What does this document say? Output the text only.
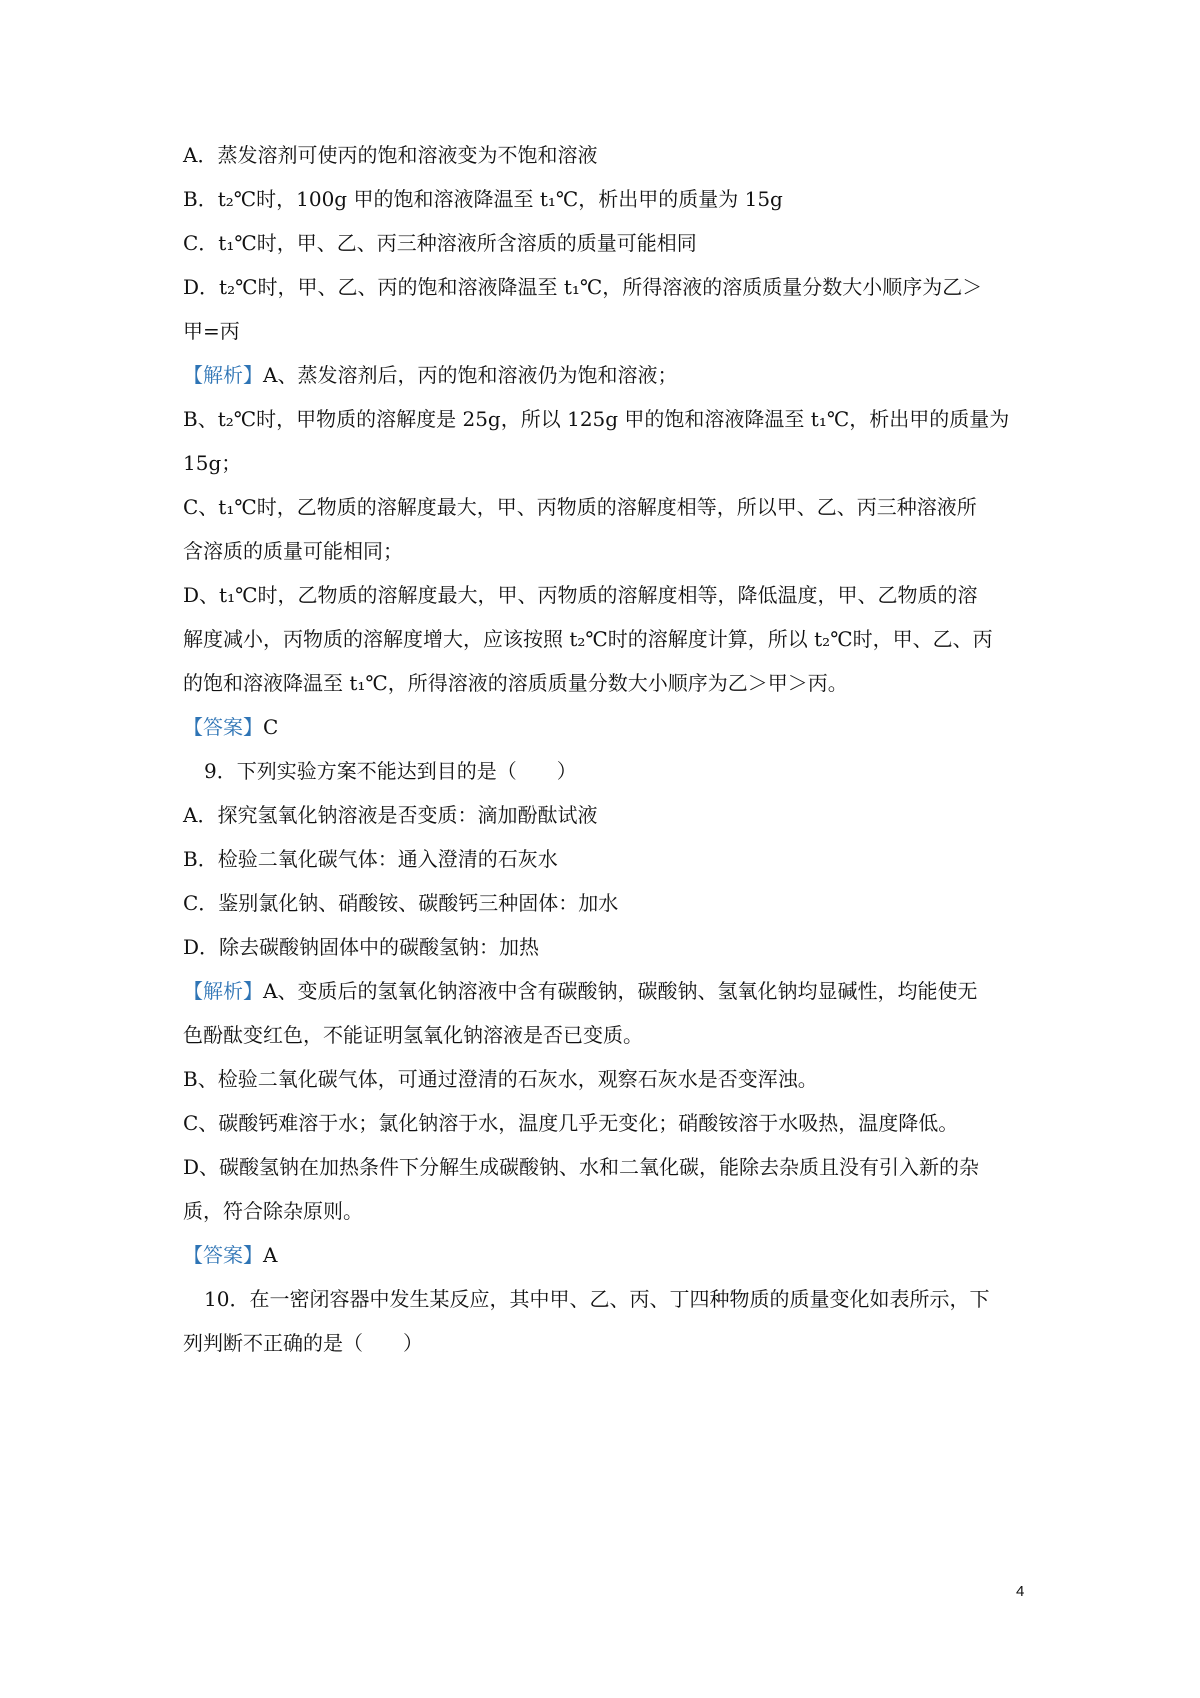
A．蒸发溶剂可使丙的饱和溶液变为不饱和溶液
B．t₂℃时，100g 甲的饱和溶液降温至 t₁℃，析出甲的质量为 15g
C．t₁℃时，甲、乙、丙三种溶液所含溶质的质量可能相同
D．t₂℃时，甲、乙、丙的饱和溶液降温至 t₁℃，所得溶液的溶质质量分数大小顺序为乙＞
甲=丙
【解析】A、蒸发溶剂后，丙的饱和溶液仍为饱和溶液；
B、t₂℃时，甲物质的溶解度是 25g，所以 125g 甲的饱和溶液降温至 t₁℃，析出甲的质量为
15g；
C、t₁℃时，乙物质的溶解度最大，甲、丙物质的溶解度相等，所以甲、乙、丙三种溶液所
含溶质的质量可能相同；
D、t₁℃时，乙物质的溶解度最大，甲、丙物质的溶解度相等，降低温度，甲、乙物质的溶
解度减小，丙物质的溶解度增大，应该按照 t₂℃时的溶解度计算，所以 t₂℃时，甲、乙、丙
的饱和溶液降温至 t₁℃，所得溶液的溶质质量分数大小顺序为乙＞甲＞丙。
【答案】C
9．下列实验方案不能达到目的是（　　）
A．探究氢氧化钠溶液是否变质：滴加酚酞试液
B．检验二氧化碳气体：通入澄清的石灰水
C．鉴别氯化钠、硝酸铵、碳酸钙三种固体：加水
D．除去碳酸钠固体中的碳酸氢钠：加热
【解析】A、变质后的氢氧化钠溶液中含有碳酸钠，碳酸钠、氢氧化钠均显碱性，均能使无
色酚酞变红色，不能证明氢氧化钠溶液是否已变质。
B、检验二氧化碳气体，可通过澄清的石灰水，观察石灰水是否变浑浊。
C、碳酸钙难溶于水；氯化钠溶于水，温度几乎无变化；硝酸铵溶于水吸热，温度降低。
D、碳酸氢钠在加热条件下分解生成碳酸钠、水和二氧化碳，能除去杂质且没有引入新的杂
质，符合除杂原则。
【答案】A
10．在一密闭容器中发生某反应，其中甲、乙、丙、丁四种物质的质量变化如表所示，下
列判断不正确的是（　　）
4
